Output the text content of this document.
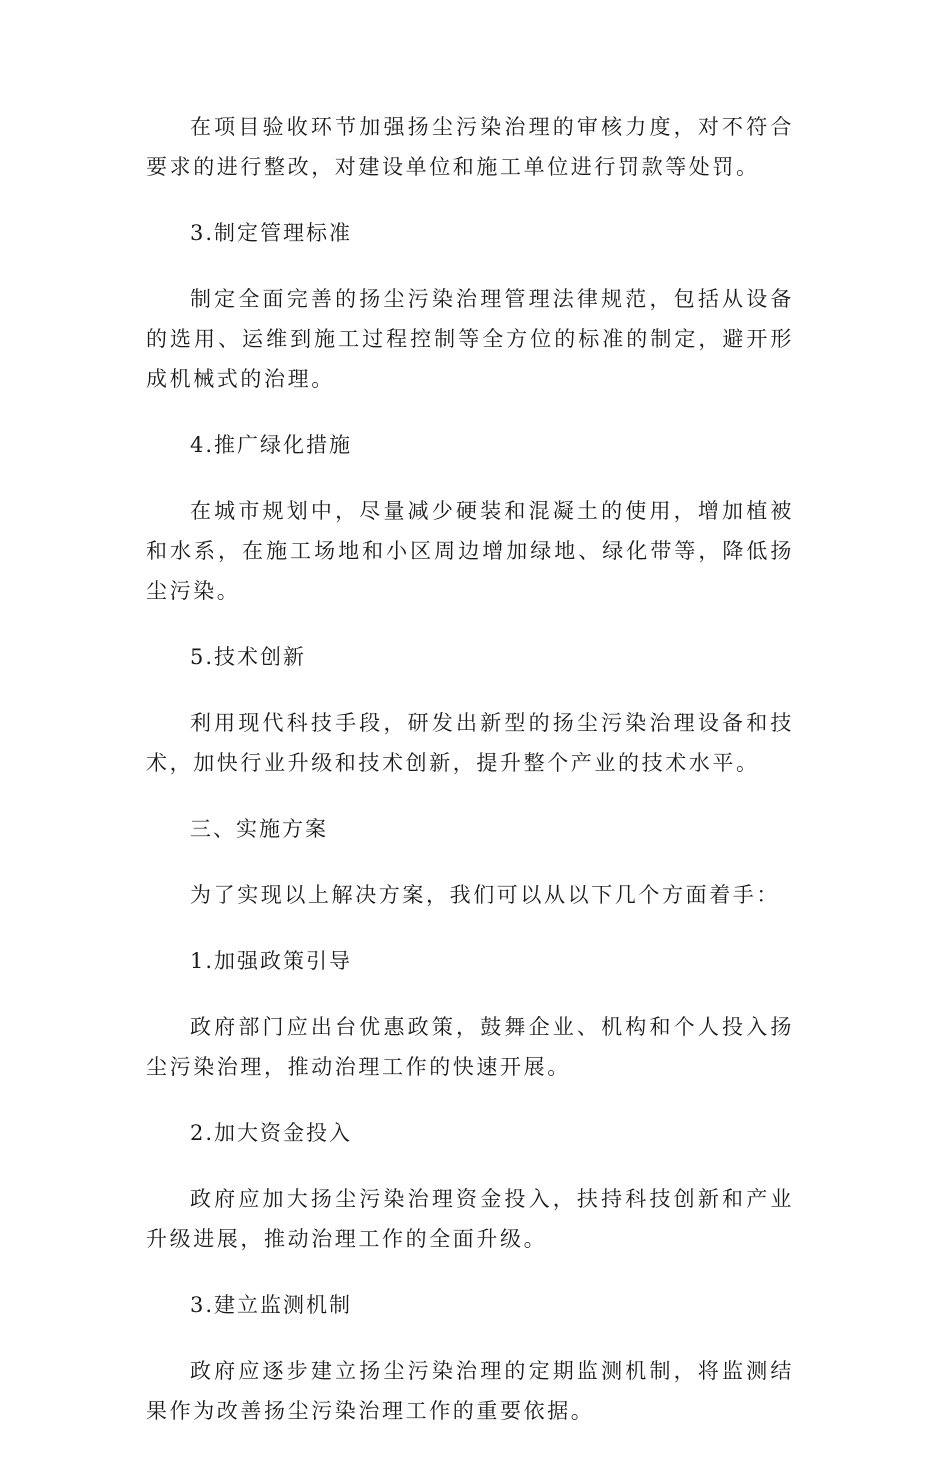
在项目验收环节加强扬尘污染治理的审核力度，对不符合要求的进行整改，对建设单位和施工单位进行罚款等处罚。

3.制定管理标准

制定全面完善的扬尘污染治理管理法律规范，包括从设备的选用、运维到施工过程控制等全方位的标准的制定，避开形成机械式的治理。

4.推广绿化措施

在城市规划中，尽量减少硬装和混凝土的使用，增加植被和水系，在施工场地和小区周边增加绿地、绿化带等，降低扬尘污染。

5.技术创新

利用现代科技手段，研发出新型的扬尘污染治理设备和技术，加快行业升级和技术创新，提升整个产业的技术水平。

三、实施方案

为了实现以上解决方案，我们可以从以下几个方面着手：

1.加强政策引导

政府部门应出台优惠政策，鼓舞企业、机构和个人投入扬尘污染治理，推动治理工作的快速开展。

2.加大资金投入

政府应加大扬尘污染治理资金投入，扶持科技创新和产业升级进展，推动治理工作的全面升级。

3.建立监测机制

政府应逐步建立扬尘污染治理的定期监测机制，将监测结果作为改善扬尘污染治理工作的重要依据。
